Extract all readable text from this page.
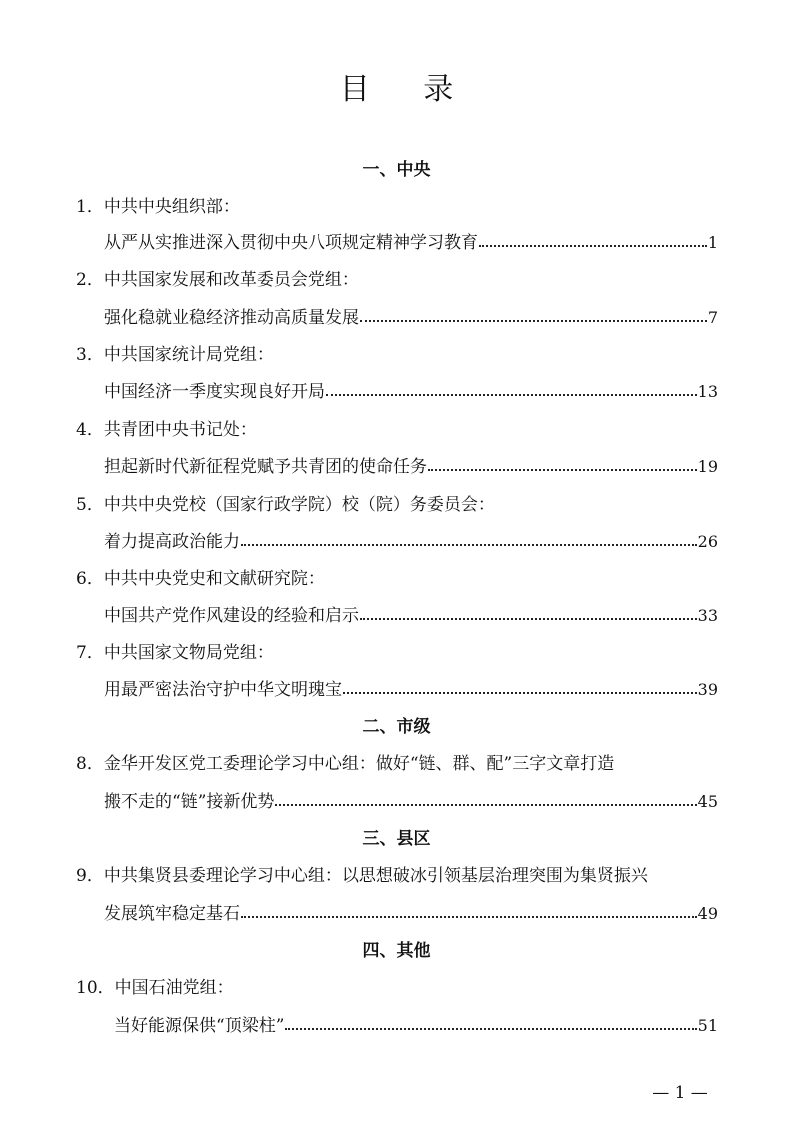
目 录
一、中央
1．中共中央组织部：
从严从实推进深入贯彻中央八项规定精神学习教育	1
2．中共国家发展和改革委员会党组：
强化稳就业稳经济推动高质量发展	7
3．中共国家统计局党组：
中国经济一季度实现良好开局	13
4．共青团中央书记处：
担起新时代新征程党赋予共青团的使命任务	19
5．中共中央党校（国家行政学院）校（院）务委员会：
着力提高政治能力	26
6．中共中央党史和文献研究院：
中国共产党作风建设的经验和启示	33
7．中共国家文物局党组：
用最严密法治守护中华文明瑰宝	39
二、市级
8．金华开发区党工委理论学习中心组：做好“链、群、配”三字文章打造
搬不走的“链”接新优势	45
三、县区
9．中共集贤县委理论学习中心组：以思想破冰引领基层治理突围为集贤振兴
发展筑牢稳定基石	49
四、其他
10．中国石油党组：
当好能源保供“顶梁柱”	51
— 1 —
